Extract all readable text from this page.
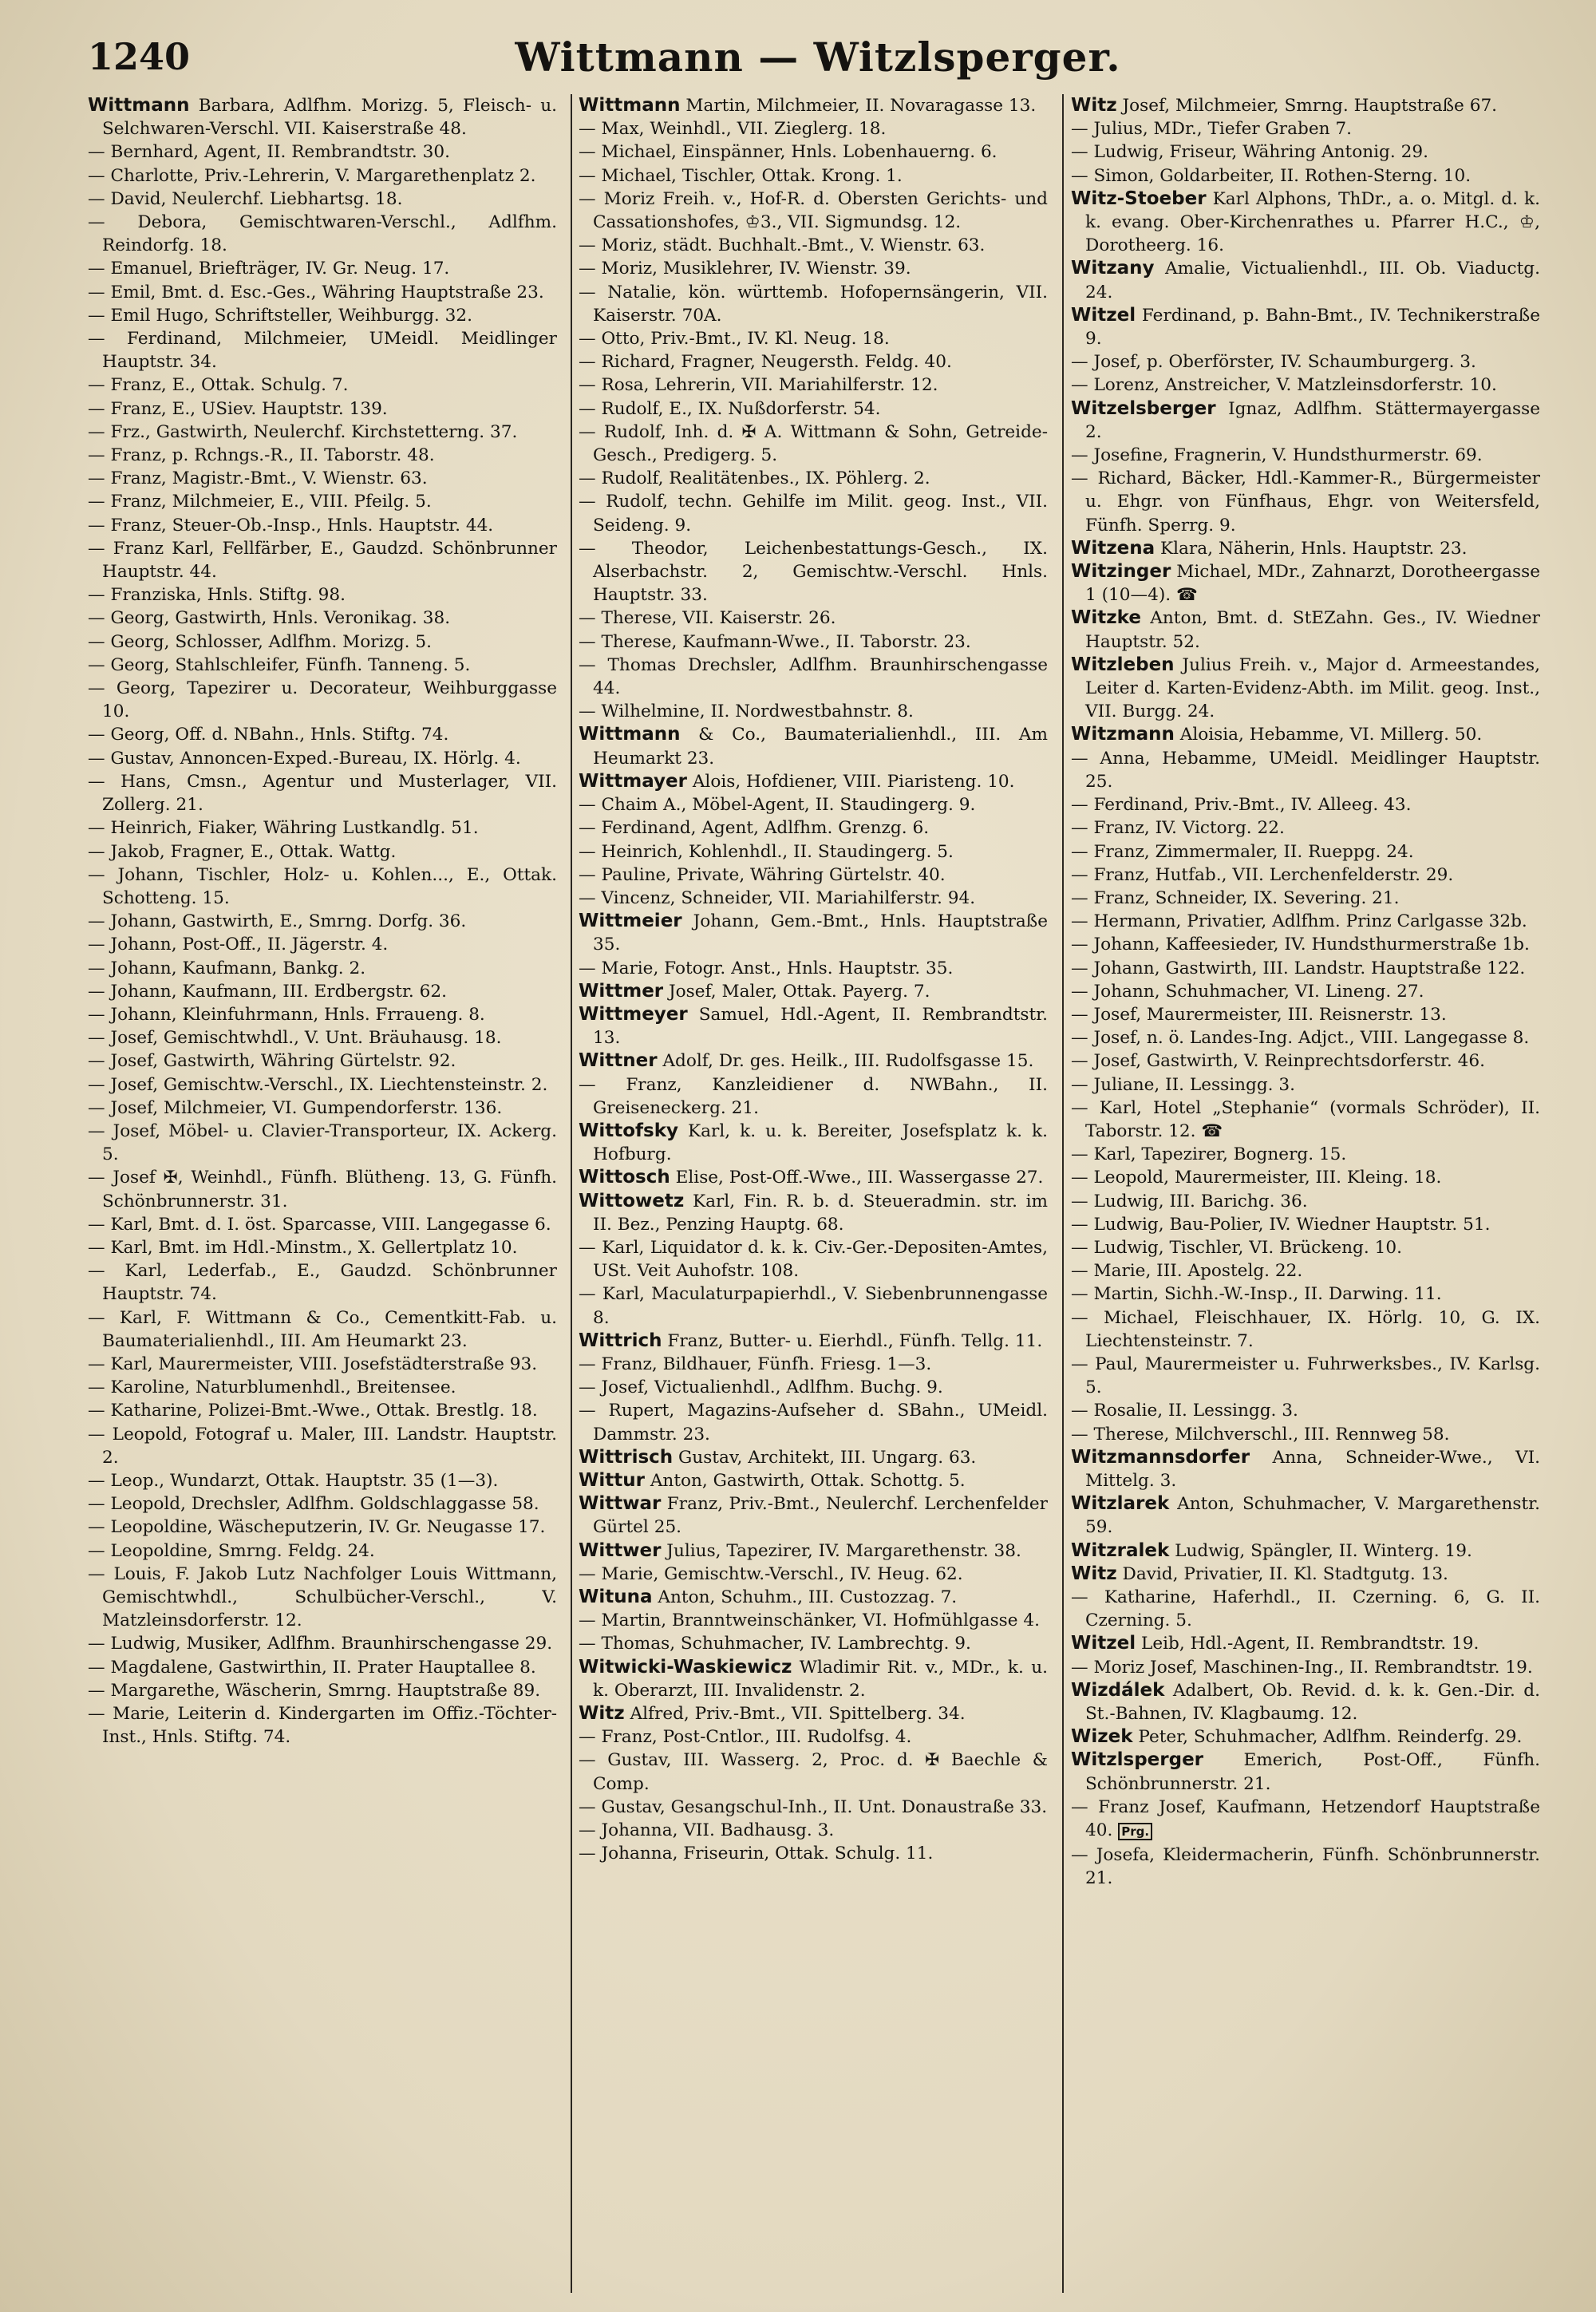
1240	Wittmann — Witzlsperger.

Wittmann Barbara, Adlfhm. Morizg. 5, Fleisch- u. Selchwaren-Verschl. VII. Kaiserstraße 48.

— Bernhard, Agent, II. Rembrandtstr. 30.

— Charlotte, Priv.-Lehrerin, V. Margarethenplatz 2.

— David, Neulerchf. Liebhartsg. 18.

— Debora, Gemischtwaren-Verschl., Adlfhm. Reindorfg. 18.

— Emanuel, Briefträger, IV. Gr. Neug. 17.

— Emil, Bmt. d. Esc.-Ges., Währing Hauptstraße 23.

— Emil Hugo, Schriftsteller, Weihburgg. 32.

— Ferdinand, Milchmeier, UMeidl. Meidlinger Hauptstr. 34.

— Franz, E., Ottak. Schulg. 7.

— Franz, E., USiev. Hauptstr. 139.

— Frz., Gastwirth, Neulerchf. Kirchstetterng. 37.

— Franz, p. Rchngs.-R., II. Taborstr. 48.

— Franz, Magistr.-Bmt., V. Wienstr. 63.

— Franz, Milchmeier, E., VIII. Pfeilg. 5.

— Franz, Steuer-Ob.-Insp., Hnls. Hauptstr. 44.

— Franz Karl, Fellfärber, E., Gaudzd. Schönbrunner Hauptstr. 44.

— Franziska, Hnls. Stiftg. 98.

— Georg, Gastwirth, Hnls. Veronikag. 38.

— Georg, Schlosser, Adlfhm. Morizg. 5.

— Georg, Stahlschleifer, Fünfh. Tanneng. 5.

— Georg, Tapezirer u. Decorateur, Weihburggasse 10.

— Georg, Off. d. NBahn., Hnls. Stiftg. 74.

— Gustav, Annoncen-Exped.-Bureau, IX. Hörlg. 4.

— Hans, Cmsn., Agentur und Musterlager, VII. Zollerg. 21.

— Heinrich, Fiaker, Währing Lustkandlg. 51.

— Jakob, Fragner, E., Ottak. Wattg.

— Johann, Tischler, Holz- u. Kohlen..., E., Ottak. Schotteng. 15.

— Johann, Gastwirth, E., Smrng. Dorfg. 36.

— Johann, Post-Off., II. Jägerstr. 4.

— Johann, Kaufmann, Bankg. 2.

— Johann, Kaufmann, III. Erdbergstr. 62.

— Johann, Kleinfuhrmann, Hnls. Frraueng. 8.

— Josef, Gemischtwhdl., V. Unt. Bräuhausg. 18.

— Josef, Gastwirth, Währing Gürtelstr. 92.

— Josef, Gemischtw.-Verschl., IX. Liechtensteinstr. 2.

— Josef, Milchmeier, VI. Gumpendorferstr. 136.

— Josef, Möbel- u. Clavier-Transporteur, IX. Ackerg. 5.

— Josef ✠, Weinhdl., Fünfh. Blütheng. 13, G. Fünfh. Schönbrunnerstr. 31.

— Karl, Bmt. d. I. öst. Sparcasse, VIII. Langegasse 6.

— Karl, Bmt. im Hdl.-Minstm., X. Gellertplatz 10.

— Karl, Lederfab., E., Gaudzd. Schönbrunner Hauptstr. 74.

— Karl, F. Wittmann & Co., Cementkitt-Fab. u. Baumaterialienhdl., III. Am Heumarkt 23.

— Karl, Maurermeister, VIII. Josefstädterstraße 93.

— Karoline, Naturblumenhdl., Breitensee.

— Katharine, Polizei-Bmt.-Wwe., Ottak. Brestlg. 18.

— Leopold, Fotograf u. Maler, III. Landstr. Hauptstr. 2.

— Leop., Wundarzt, Ottak. Hauptstr. 35 (1—3).

— Leopold, Drechsler, Adlfhm. Goldschlaggasse 58.

— Leopoldine, Wäscheputzerin, IV. Gr. Neugasse 17.

— Leopoldine, Smrng. Feldg. 24.

— Louis, F. Jakob Lutz Nachfolger Louis Wittmann, Gemischtwhdl., Schulbücher-Verschl., V. Matzleinsdorferstr. 12.

— Ludwig, Musiker, Adlfhm. Braunhirschengasse 29.

— Magdalene, Gastwirthin, II. Prater Hauptallee 8.

— Margarethe, Wäscherin, Smrng. Hauptstraße 89.

— Marie, Leiterin d. Kindergarten im Offiz.-Töchter-Inst., Hnls. Stiftg. 74.

Wittmann Martin, Milchmeier, II. Novaragasse 13.

— Max, Weinhdl., VII. Zieglerg. 18.

— Michael, Einspänner, Hnls. Lobenhauerng. 6.

— Michael, Tischler, Ottak. Krong. 1.

— Moriz Freih. v., Hof-R. d. Obersten Gerichts- und Cassationshofes, ♔3., VII. Sigmundsg. 12.

— Moriz, städt. Buchhalt.-Bmt., V. Wienstr. 63.

— Moriz, Musiklehrer, IV. Wienstr. 39.

— Natalie, kön. württemb. Hofopernsängerin, VII. Kaiserstr. 70A.

— Otto, Priv.-Bmt., IV. Kl. Neug. 18.

— Richard, Fragner, Neugersth. Feldg. 40.

— Rosa, Lehrerin, VII. Mariahilferstr. 12.

— Rudolf, E., IX. Nußdorferstr. 54.

— Rudolf, Inh. d. ✠ A. Wittmann & Sohn, Getreide-Gesch., Predigerg. 5.

— Rudolf, Realitätenbes., IX. Pöhlerg. 2.

— Rudolf, techn. Gehilfe im Milit. geog. Inst., VII. Seideng. 9.

— Theodor, Leichenbestattungs-Gesch., IX. Alserbachstr. 2, Gemischtw.-Verschl. Hnls. Hauptstr. 33.

— Therese, VII. Kaiserstr. 26.

— Therese, Kaufmann-Wwe., II. Taborstr. 23.

— Thomas Drechsler, Adlfhm. Braunhirschengasse 44.

— Wilhelmine, II. Nordwestbahnstr. 8.

Wittmann & Co., Baumaterialienhdl., III. Am Heumarkt 23.

Wittmayer Alois, Hofdiener, VIII. Piaristeng. 10.

— Chaim A., Möbel-Agent, II. Staudingerg. 9.

— Ferdinand, Agent, Adlfhm. Grenzg. 6.

— Heinrich, Kohlenhdl., II. Staudingerg. 5.

— Pauline, Private, Währing Gürtelstr. 40.

— Vincenz, Schneider, VII. Mariahilferstr. 94.

Wittmeier Johann, Gem.-Bmt., Hnls. Hauptstraße 35.

— Marie, Fotogr. Anst., Hnls. Hauptstr. 35.

Wittmer Josef, Maler, Ottak. Payerg. 7.

Wittmeyer Samuel, Hdl.-Agent, II. Rembrandtstr. 13.

Wittner Adolf, Dr. ges. Heilk., III. Rudolfsgasse 15.

— Franz, Kanzleidiener d. NWBahn., II. Greiseneckerg. 21.

Wittofsky Karl, k. u. k. Bereiter, Josefsplatz k. k. Hofburg.

Wittosch Elise, Post-Off.-Wwe., III. Wassergasse 27.

Wittowetz Karl, Fin. R. b. d. Steueradmin. str. im II. Bez., Penzing Hauptg. 68.

— Karl, Liquidator d. k. k. Civ.-Ger.-Depositen-Amtes, USt. Veit Auhofstr. 108.

— Karl, Maculaturpapierhdl., V. Siebenbrunnengasse 8.

Wittrich Franz, Butter- u. Eierhdl., Fünfh. Tellg. 11.

— Franz, Bildhauer, Fünfh. Friesg. 1—3.

— Josef, Victualienhdl., Adlfhm. Buchg. 9.

— Rupert, Magazins-Aufseher d. SBahn., UMeidl. Dammstr. 23.

Wittrisch Gustav, Architekt, III. Ungarg. 63.

Wittur Anton, Gastwirth, Ottak. Schottg. 5.

Wittwar Franz, Priv.-Bmt., Neulerchf. Lerchenfelder Gürtel 25.

Wittwer Julius, Tapezirer, IV. Margarethenstr. 38.

— Marie, Gemischtw.-Verschl., IV. Heug. 62.

Wituna Anton, Schuhm., III. Custozzag. 7.

— Martin, Branntweinschänker, VI. Hofmühlgasse 4.

— Thomas, Schuhmacher, IV. Lambrechtg. 9.

Witwicki-Waskiewicz Wladimir Rit. v., MDr., k. u. k. Oberarzt, III. Invalidenstr. 2.

Witz Alfred, Priv.-Bmt., VII. Spittelberg. 34.

— Franz, Post-Cntlor., III. Rudolfsg. 4.

— Gustav, III. Wasserg. 2, Proc. d. ✠ Baechle & Comp.

— Gustav, Gesangschul-Inh., II. Unt. Donaustraße 33.

— Johanna, VII. Badhausg. 3.

— Johanna, Friseurin, Ottak. Schulg. 11.

Witz Josef, Milchmeier, Smrng. Hauptstraße 67.

— Julius, MDr., Tiefer Graben 7.

— Ludwig, Friseur, Währing Antonig. 29.

— Simon, Goldarbeiter, II. Rothen-Sterng. 10.

Witz-Stoeber Karl Alphons, ThDr., a. o. Mitgl. d. k. k. evang. Ober-Kirchenrathes u. Pfarrer H.C., ♔, Dorotheerg. 16.

Witzany Amalie, Victualienhdl., III. Ob. Viaductg. 24.

Witzel Ferdinand, p. Bahn-Bmt., IV. Technikerstraße 9.

— Josef, p. Oberförster, IV. Schaumburgerg. 3.

— Lorenz, Anstreicher, V. Matzleinsdorferstr. 10.

Witzelsberger Ignaz, Adlfhm. Stättermayergasse 2.

— Josefine, Fragnerin, V. Hundsthurmerstr. 69.

— Richard, Bäcker, Hdl.-Kammer-R., Bürgermeister u. Ehgr. von Fünfhaus, Ehgr. von Weitersfeld, Fünfh. Sperrg. 9.

Witzena Klara, Näherin, Hnls. Hauptstr. 23.

Witzinger Michael, MDr., Zahnarzt, Dorotheergasse 1 (10—4). ☎

Witzke Anton, Bmt. d. StEZahn. Ges., IV. Wiedner Hauptstr. 52.

Witzleben Julius Freih. v., Major d. Armeestandes, Leiter d. Karten-Evidenz-Abth. im Milit. geog. Inst., VII. Burgg. 24.

Witzmann Aloisia, Hebamme, VI. Millerg. 50.

— Anna, Hebamme, UMeidl. Meidlinger Hauptstr. 25.

— Ferdinand, Priv.-Bmt., IV. Alleeg. 43.

— Franz, IV. Victorg. 22.

— Franz, Zimmermaler, II. Rueppg. 24.

— Franz, Hutfab., VII. Lerchenfelderstr. 29.

— Franz, Schneider, IX. Severing. 21.

— Hermann, Privatier, Adlfhm. Prinz Carlgasse 32b.

— Johann, Kaffeesieder, IV. Hundsthurmerstraße 1b.

— Johann, Gastwirth, III. Landstr. Hauptstraße 122.

— Johann, Schuhmacher, VI. Lineng. 27.

— Josef, Maurermeister, III. Reisnerstr. 13.

— Josef, n. ö. Landes-Ing. Adjct., VIII. Langegasse 8.

— Josef, Gastwirth, V. Reinprechtsdorferstr. 46.

— Juliane, II. Lessingg. 3.

— Karl, Hotel „Stephanie“ (vormals Schröder), II. Taborstr. 12. ☎

— Karl, Tapezirer, Bognerg. 15.

— Leopold, Maurermeister, III. Kleing. 18.

— Ludwig, III. Barichg. 36.

— Ludwig, Bau-Polier, IV. Wiedner Hauptstr. 51.

— Ludwig, Tischler, VI. Brückeng. 10.

— Marie, III. Apostelg. 22.

— Martin, Sichh.-W.-Insp., II. Darwing. 11.

— Michael, Fleischhauer, IX. Hörlg. 10, G. IX. Liechtensteinstr. 7.

— Paul, Maurermeister u. Fuhrwerksbes., IV. Karlsg. 5.

— Rosalie, II. Lessingg. 3.

— Therese, Milchverschl., III. Rennweg 58.

Witzmannsdorfer Anna, Schneider-Wwe., VI. Mittelg. 3.

Witzlarek Anton, Schuhmacher, V. Margarethenstr. 59.

Witzralek Ludwig, Spängler, II. Winterg. 19.

Witz David, Privatier, II. Kl. Stadtgutg. 13.

— Katharine, Haferhdl., II. Czerning. 6, G. II. Czerning. 5.

Witzel Leib, Hdl.-Agent, II. Rembrandtstr. 19.

— Moriz Josef, Maschinen-Ing., II. Rembrandtstr. 19.

Wizdálek Adalbert, Ob. Revid. d. k. k. Gen.-Dir. d. St.-Bahnen, IV. Klagbaumg. 12.

Wizek Peter, Schuhmacher, Adlfhm. Reinderfg. 29.

Witzlsperger Emerich, Post-Off., Fünfh. Schönbrunnerstr. 21.

— Franz Josef, Kaufmann, Hetzendorf Hauptstraße 40. Prg.

— Josefa, Kleidermacherin, Fünfh. Schönbrunnerstr. 21.
